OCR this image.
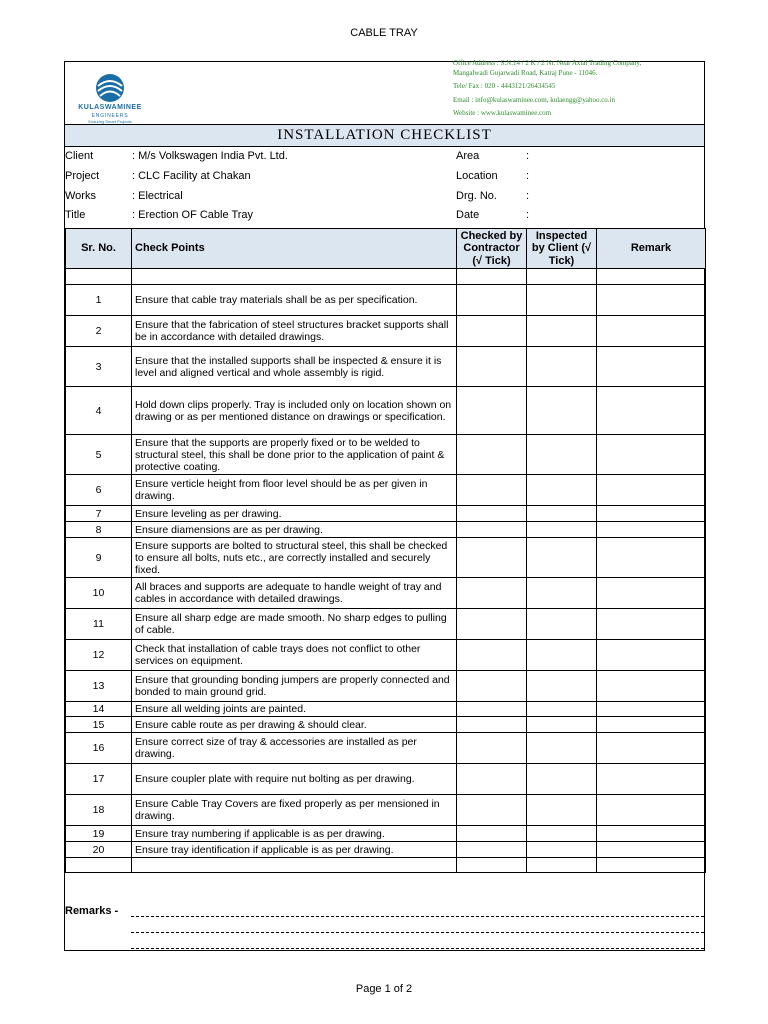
CABLE TRAY
KULASWAMINEE
ENGINEERS
Ensuring Smart Projects
Office Address : S.N.14 / 2 K / 2 Nr. Near Axial Trading Company,
Mangalwadi Gujarwadi Road, Katraj Pune - 11046.
Tele/ Fax : 020 - 4443121/26434545
Email : info@kulaswaminee.com, kulaengg@yahoo.co.in
Website : www.kulaswaminee.com
INSTALLATION CHECKLIST
Client	: M/s Volkswagen India Pvt. Ltd.
Project	: CLC Facility at Chakan
Works	: Electrical
Title	: Erection OF Cable Tray
Area	:
Location	:
Drg. No.	:
Date	:
Sr. No.	Check Points	Checked by Contractor (√ Tick)	Inspected by Client (√ Tick)	Remark

1	Ensure that cable tray materials shall be as per specification.			
2	Ensure that the fabrication of steel structures bracket supports shall be in accordance with detailed drawings.			
3	Ensure that the installed supports shall be inspected & ensure it is level and aligned vertical and whole assembly is rigid.			
4	Hold down clips properly. Tray is included only on location shown on drawing or as per mentioned distance on drawings or specification.			
5	Ensure that the supports are properly fixed or to be welded to structural steel, this shall be done prior to the application of paint & protective coating.			
6	Ensure verticle height from floor level should be as per given in drawing.			
7	Ensure leveling as per drawing.			
8	Ensure diamensions are as per drawing.			
9	Ensure supports are bolted to structural steel, this shall be checked to ensure all bolts, nuts etc., are correctly installed and securely fixed.			
10	All braces and supports are adequate to handle weight of tray and cables in accordance with detailed drawings.			
11	Ensure all sharp edge are made smooth. No sharp edges to pulling of cable.			
12	Check that installation of cable trays does not conflict to other services on equipment.			
13	Ensure that grounding bonding jumpers are properly connected and bonded to main ground grid.			
14	Ensure all welding joints are painted.			
15	Ensure cable route as per drawing & should clear.			
16	Ensure correct size of tray & accessories are installed as per drawing.			
17	Ensure coupler plate with require nut bolting as per drawing.			
18	Ensure Cable Tray Covers are fixed properly as per mensioned in drawing.			
19	Ensure tray numbering if applicable is as per drawing.			
20	Ensure tray identification if applicable is as per drawing.			

Remarks -
Page 1 of 2
